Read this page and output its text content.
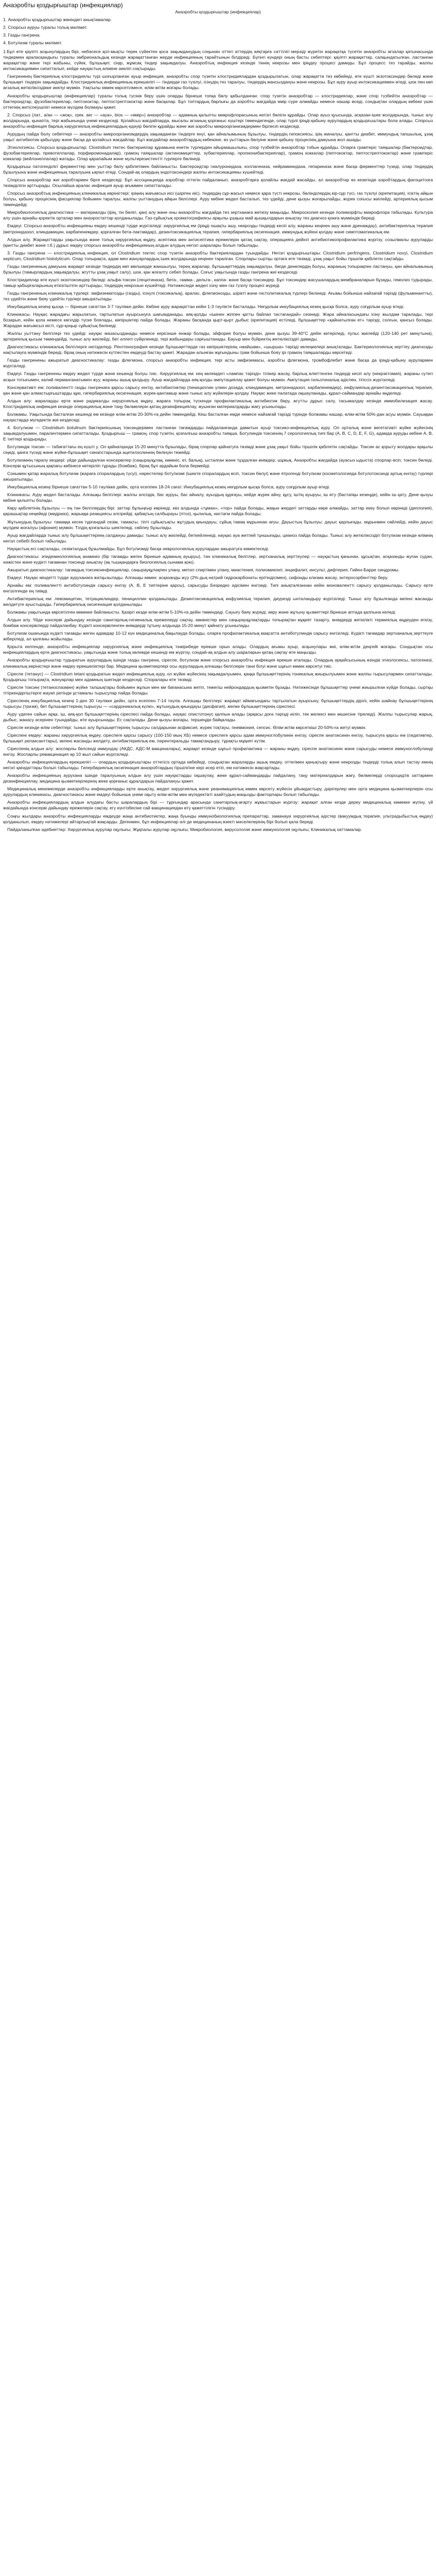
Анаэробты қоздырғыштар (инфекциялар)
Анаэробты қоздырғыштар (инфекциялар)
1. Анаэробты қоздырғыштар жөніндегі анықтамалар.
2. Спорсыз ауруы туралы толық мәлімет.
3. Газды гангрена.
4. Ботулизм туралы мәлімет.

1.Бұл өте қауіпті асқынулардың бірі, небәсесе қол-мықты терек сүйектен қоса зақымданудың соңынан оттегі аттердің аяқтарға сәттілігі мерзіді жүретін жарақатқа түсетін анаэробты ағзалар қатынасында тіндермен араласқандығы туралы эмбриональдық кезінде жарақаттанған жерде инфекцияның тарайтынын білдіреді. Бүгінгі күндері оның басты себептері: қауіпті жарақаттар, салқындатылған, ластанған жарақаттар және тері жабыны, сүйек, бұлшықет, сіңір, жұмсақ тіндер зақымдалуы. Анаэробтық инфекция кезінде тіннің некрозы мен іріңдеу процесі дамиды. Бұл процесс тез тарайды, жалпы интоксикациямен сипатталып, кейде науқастың өліміне әкеліп соқтырады.

Гангрененің бактериялық клостридиялы түрі шоғырланған ауыр инфекция, анаэробты спор түзетін клостридиялардан қоздырылатын, олар жарақатта тез көбейеді, өте күшті экзотоксиндер бөледі және бұлшықет тіндерін зақымдайды. Клостридиялық инфекцияның ерекшелігі — тіндерде газ түзілуі, ісінудің тез таралуы, тіндердің жансыздануы және некрозы. Бұл ауру ауыр интоксикациямен өтеді, шок пен көп ағзалық жеткіліксіздікке әкелуі мүмкін. Уақтылы көмек көрсетілмесе, өлім-жітім жоғары болады.

Анаэробты қоздырғыштар (инфекциялар) туралы толық түсінік беру үшін оларды бірнеше топқа бөлу қабылданған: спор түзетін анаэробтар — клостридиялар, және спор түзбейтін анаэробтар — бактероидтар, фузобактериялар, пептококтар, пептострептококтар және басқалар. Бұл топтардың барлығы да аэробты жағдайда өмір сүре алмайды немесе нашар өседі, сондықтан олардың көбеюі үшін оттегінің жетіспеушілігі немесе мүлдем болмауы қажет.

2. Спорсыз (лат., а/ан — «жоқ», грек. aer — «ауа», bios — «өмір») анаэробтар — адамның қалыпты микрофлорасының негізгі бөлігін құрайды. Олар ауыз қуысында, асқазан-ішек жолдарында, тыныс алу жолдарында, қынапта, тері жабынында үнемі кездеседі. Қолайсыз жағдайларда, мысалы ағзаның қорғаныс күштері төмендегенде, олар түрлі іріңді-қабыну аурулардың қоздырғыштары бола алады. Спорсыз анаэробты инфекция барлық хирургиялық инфекциялардың едәуір бөлігін құрайды және жиі аэробты микроорганизмдермен бірлесіп кездеседі.

Аурудың пайда болу себептері — анаэробты микроорганизмдердің зақымданған тіндерге енуі, қан айналымының бұзылуы, тіндердің гипоксиясы, ірің жиналуы, қантты диабет, иммундық тапшылық, ұзақ уақыт антибиотик қабылдау және басқа да қолайсыз жағдайлар. Бұл жағдайлар анаэробтардың көбеюіне, өз уыттарын бөлуіне және қабыну процесінің дамуына жол ашады.

Этиологиясы. Спорсыз қоздырғыштар: Clostridium тектес бактериялар құрамына енетін түрлерден айырмашылығы, спор түзбейтін анаэробтар тобын құрайды. Оларға грамтеріс таяқшалар (бактероидтар, фузобактериялар, превотеллалар, порфиромонадалар), грамоң таяқшалар (актиномицеттер, эубактериялар, пропионибактериялар), грамоң коккалар (пептококтар, пептострептококтар) және грамтеріс коккалар (вейлонеллалар) жатады. Олар қарапайым және мультирезистентті түрлерге бөлінеді.

Қоздырғыш патогенділігі ферменттер мен уыттар бөлу қабілетімен байланысты. Бактероидтар гиалуронидаза, коллагеназа, нейраминидаза, гепариназа және басқа ферменттер түзеді, олар тіндердің бұзылуына және инфекцияның таралуына ықпал етеді. Сондай-ақ олардың эндотоксиндері жалпы интоксикацияны күшейтеді.

Спорсыз анаэробтар жиі аэробтармен бірге кездеседі. Бұл ассоциацияда аэробтар оттегін пайдаланып, анаэробтарға қолайлы жағдай жасайды, ал анаэробтар өз кезегінде аэробтардың фагоцитозға төзімділігін арттырады. Осылайша аралас инфекция ауыр ағыммен сипатталады.

Спорсыз анаэробтық инфекцияның клиникалық көріністері: іріңнің жағымсыз иісі (шіріген иіс), тіндердің сұр-жасыл немесе қара түсті некрозы, бөлінділердің кір-сұр түсі, газ түзілуі (крепитация), ісіктің айқын болуы, қабыну процесінің фасциялар бойымен таралуы, жалпы уыттанудың айқын белгілері. Ауру көбіне жедел басталып, тез үдейді, дене қызуы жоғарылайды, жүрек соғысы жиілейді, артериялық қысым төмендейді.

Микробиологиялық диагностика — материалды (ірің, тін бөлігі, қан) алу және оны анаэробты жағдайда тез зертханаға жеткізу маңызды. Микроскопия кезінде полиморфты микрофлора табылады. Культура алу үшін арнайы қоректік орталар мен анаэростаттар қолданылады. Газ-сұйықтық хроматографиясы арқылы ұшқыш май қышқылдарын анықтау тез диагноз қоюға мүмкіндік береді.

Емдеуі. Спорсыз анаэробты инфекцияны емдеу кешенді түрде жүргізіледі: хирургиялық ем (іріңді ошақты ашу, некрозды тіндерді кесіп алу, жараны кеңінен ашу және дренаждау), антибактериялық терапия (метронидазол, клиндамицин, карбапенемдер, қорғалған бета-лактамдар), дезинтоксикациялық терапия, гипербариялық оксигенация, иммундық жүйені қолдау және симптоматикалық ем.

Алдын алу. Жарақаттарды уақытында және толық хирургиялық өңдеу, асептика мен антисептика ережелерін қатаң сақтау, операцияға дейінгі антибиотикопрофилактика жүргізу, созылмалы ауруларды (қантты диабет және т.б.) дұрыс емдеу спорсыз анаэробты инфекцияның алдын алудың негізгі шаралары болып табылады.

3. Газды гангрена — клостридиялық инфекция, ол Clostridium тектес спор түзетін анаэробты бактериялардан туындайды. Негізгі қоздырғыштары: Clostridium perfringens, Clostridium novyi, Clostridium septicum, Clostridium histolyticum. Олар топырақта, адам мен жануарлардың ішек жолдарында кеңінен таралған. Спорлары сыртқы ортаға өте төзімді, ұзақ уақыт бойы тіршілік қабілетін сақтайды.

Газды гангрененың дамуына жарақат кезінде тіндердің көп мөлшерде жаншылуы, терең жаралар, бұлшықеттердің зақымдалуы, бөгде денелердің болуы, жараның топырақпен ластануы, қан айналымының бұзылуы (тамырлардың зақымдалуы, жгутты ұзақ уақыт салу), шок, қан жоғалту себеп болады. Соғыс уақытында газды гангрена жиі кездеседі.

Клостридиялар өте күшті экзотоксиндер бөледі: альфа-токсин (лецитиназа), бета-, гамма-, дельта-, каппа- және басқа токсиндер. Бұл токсиндер жасушалардың мембраналарын бұзады, гемолиз тудырады, тамыр қабырғаларының өткізгіштігін арттырады, тіндердің некрозын күшейтеді. Нәтижесінде жедел ісіну мен газ түзілу процесі жүреді.

Газды гангрененың клиникалық түрлері: эмфизематозды (газды), ісінулі (токсикалық), аралас, флегмонозды, шірікті және гистолитикалық түрлері бөлінеді. Ағымы бойынша найзағай тәрізді (фульминантты), тез үдейтін және баяу үдейтін түрлері ажыратылады.

Инкубациялық кезеңі қысқа — бірнеше сағаттан 3-7 тәулікке дейін. Көбіне ауру жарақаттан кейін 1-3 тәулікте басталады. Неғұрлым инкубациялық кезең қысқа болса, ауру соғұрлым ауыр өтеді.

Клиникасы. Науқас жарадағы жарылатын, тартылатын ауырсынуға шағымданады, аяқ-қолды «ішінен жіппен қатты байлап тастағандай» сезінеді. Жара айналасындағы ісіну жылдам таралады, тері бозарып, кейін қола немесе көгілдір түске боялады, көпіршіктер пайда болады. Жараны басқанда қырт-қырт дыбыс (крепитация) естіледі, бұлшықеттер «қайнатылған ет» тәрізді, солғын, қансыз болады. Жарадан жағымсыз иісті, сұр-қоңыр сұйықтық бөлінеді.

Жалпы уыттану белгілері тез үдейді: науқас мазасызданады немесе керісінше енжар болады, эйфория болуы мүмкін, дене қызуы 39-40°C дейін көтеріледі, пульс жиілейді (120-140 рет минутына), артериялық қысым төмендейді, тыныс алу жиілейді, бет әлпеті сүйірленеді, тері жабындары сарғыштанады. Бауыр мен бүйректің жеткіліксіздігі дамиды.

Диагностикасы клиникалық белгілерге негізделеді. Рентгенография кезінде бұлшықеттерде газ көпіршіктерінің «майшам», «шырша» тәрізді көлеңкелері анықталады. Бактериологиялық зерттеу диагнозды нақтылауға мүмкіндік береді, бірақ оның нәтижесін күтпестен емдеуді бастау қажет. Жарадан алынған жұғындыны грам бойынша бояу ірі грамоң таяқшаларды көрсетеді.

Газды гангренены ажыратып диагностикалау: газды флегмона, спорсыз анаэробты инфекция, тері асты эмфиземасы, аэробты флегмона, тромбофлебит және басқа да іріңді-қабыну аурулармен жүргізіледі.

Емдеуі. Газды гангренены емдеу жедел түрде және кешенді болуы тиіс. Хирургиялық ем: кең көлемдегі «лампас тәрізді» тілікер жасау, барлық өліеттенген тіндерді кесіп алу (некрэктомия), жараны сутегі асқын тотығымен, калий перманганатымен жуу, жараны ашық қалдыру. Ауыр жағдайларда аяқ-қолды ампутациялау қажет болуы мүмкін. Ампутация гильотиналық әдіспен, тігіссіз жүргізіледі.

Консервативті ем: поливалентті газды гангренаға қарсы сарысу енгізу, антибиотиктер (пенициллин үлкен дозада, клиндамицин, метронидазол, карбапенемдер), инфузиялық-дезинтоксикациялық терапия, қан және қан алмастырғыштарды құю, гипербариялық оксигенация, жүрек-қантамыр және тыныс алу жүйелерін қолдау. Науқас жеке палатада оқшауланады, құрал-саймандар арнайы өңделеді.

Алдын алу: жараларды ерте және радикалды хирургиялық өңдеу, жараға топырақ түскенде профилактикалық антибиотик беру, жгутты дұрыс салу, тасымалдау кезінде иммобилизация жасау. Клостридиялық инфекция кезінде операциялық және таңу бөлмелерін қатаң дезинфекциялау, жуынған материалдарды жағу ұсынылады.

Болжамы. Уақытында басталған кешенді ем кезінде өлім-жітім 20-30%-ға дейін төмендейді. Кеш басталған емде немесе найзағай тәрізді түрінде болжамы нашар, өлім-жітім 50%-дан асуы мүмкін. Сауыққан науқастарда мүгедектік жиі кездеседі.

4. Ботулизм — Clostridium botulinum бактериясының токсиндерімен ластанған тағамдарды пайдаланғанда дамитын ауыр токсико-инфекциялық ауру. Ол орталық және вегетативті жүйке жүйесінің зақымдалуымен, параличтермен сипатталады. Қоздырғыш — грамоң, спор түзетін, қозғалғыш анаэробты таяқша. Ботулиндік токсиннің 7 серологиялық типі бар (A, B, C, D, E, F, G), адамда ауруды көбіне A, B, E типтері қоздырады.

Ботулиндік токсин — табиғаттағы ең күшті у. Ол қайнатқанда 15-20 минутта бұзылады, бірақ спорлар қайнатуға төзімді және ұзақ уақыт бойы тіршілік қабілетін сақтайды. Токсин ас қорыту жолдары арқылы сіңеді, қанға түседі және жүйке-бұлшықет синапстарында ацетилхолиннің бөлінуін тежейді.

Ботулизмнің таралу көздері: үйде дайындалған консервілер (саңырауқұлақ, көкөніс, ет, балық), ысталған және тұздалған өнімдер, шұжық. Анаэробты жағдайда (ауасыз ыдыста) спорлар өсіп, токсин бөледі. Консерві құтысының қақпағы көбінесе көтеріліп тұрады (бомбаж), бірақ бұл әрдайым бола бермейді.

Сонымен қатар жаралық ботулизм (жараға споралардың түсуі), нәрестелер ботулизмі (ішекте споралардың өсіп, токсин бөлуі) және ятрогенді ботулизм (косметологияда ботулотоксинді артық енгізу) түрлері ажыратылады.

Инкубациялық кезеңі бірнеше сағаттан 5-10 тәулікке дейін, орта есеппен 18-24 сағат. Инкубациялық кезең неғұрлым қысқа болса, ауру соғұрлым ауыр өтеді.

Клиникасы. Ауру жедел басталады. Алғашқы белгілері: жалпы әлсіздік, бас ауруы, бас айналу, ауыздың құрғауы, кейде жүрек айну, құсу, іштің ауыруы, іш өту (бастапқы кезеңде), кейін іш қату. Дене қызуы көбіне қалыпты болады.

Көру қабілетінің бұзылуы — ең тән белгілердің бірі: заттар бұлыңғыр көрінеді, көз алдында «тұман», «тор» пайда болады, жақын жердегі заттарды көре алмайды, заттар екеу болып көрінеді (диплопия), қарашықтар кеңейеді (мидриаз), жарыққа реакциясы әлсірейді, қабақтың салбырауы (птоз), қылилық, нистагм пайда болады.

Жұтынудың бұзылуы: тамаққа кесек тұрғандай сезім, тамақты, тіпті сұйықтықты жұтудың қиындауы, сұйық тамақ мұрыннан ағуы. Дауыстың бұзылуы: дауыс қарлығады, мұрынмен сөйлейді, кейін дауыс мүлдем жоғалуы (афония) мүмкін. Тілдің қозғалысы шектеледі, сөйлеу бұзылады.

Ауыр жағдайларда тыныс алу бұлшықеттерінің салдануы дамиды: тыныс алу жиілейді, беткейленеді, науқас ауа жетпей тұншығады, цианоз пайда болады. Тыныс алу жеткіліксіздігі ботулизм кезінде өлімнің негізгі себебі болып табылады.

Науқастың есі сақталады, сезімталдық бұзылмайды. Бұл ботулизмді басқа неврологиялық аурулардан ажыратуға көмектеседі.

Диагностикасы: эпидемиологиялық анамнез (бір тағамды жеген бірнеше адамның ауыруы), тән клиникалық белгілер, зертханалық зерттеулер — науқастың қанынан, құсықтан, асқазанды жуған судан, нәжістен және күдікті тағамнан токсинді анықтау (ақ тышқандарға биологиялық сынама қою).

Ажыратып диагностикалау: тағамдық токсикоинфекциялар, саңырауқұлақпен улану, метил спиртімен улану, миастения, полиомиелит, энцефалит, инсульт, дифтерия, Гийен-Барре синдромы.

Емдеуі. Науқас міндетті түрде ауруханаға жатқызылады. Алғашқы көмек: асқазанды жуу (2%-дық натрий гидрокарбонаты ерітіндісімен), сифонды клизма жасау, энтеросорбенттер беру.

Арнайы ем: поливалентті антиботулиндік сарысу енгізу (A, B, E типтеріне қарсы), сарысуды Безредко әдісімен енгізеді. Типі анықталғаннан кейін моновалентті сарысу қолданылады. Сарысу ерте енгізілгенде ең тиімді.

Антибактериялық ем: левомицетин, тетрациклиндер, пенициллин қолданылады. Дезинтоксикациялық инфузиялық терапия, диурезді ынталандыру жүргізіледі. Тыныс алу бұзылғанда өкпені жасанды желдетуге ауыстырады. Гипербариялық оксигенация қолданылады.

Болжамы уақытында көрсетілген көмекке байланысты. Қазіргі кезде өлім-жітім 5-10%-ға дейін төмендеді. Сауығу баяу жүреді, көру және жұтыну қызметтері бірнеше аптада қалпына келеді.

Алдын алу. Үйде консерві дайындау кезінде санитарлық-гигиеналық ережелерді сақтау, көкөністер мен саңырауқұлақтарды топырақтан мұқият тазарту, өнімдерді жеткілікті термиялық өңдеуден өткізу, бомбаж консервілерді пайдаланбау. Күдікті консервіленген өнімдерді тұтыну алдында 15-20 минут қайнату ұсынылады.

Ботулизм ошағында күдікті тағамды жеген адамдар 10-12 күн медициналық бақылауда болады, оларға профилактикалық мақсатта антиботулиндік сарысу енгізіледі. Күдікті тағамдар зертханалық зерттеуге жіберіледі, ал қалғаны жойылады.

Қорыта келгенде, анаэробты инфекциялар хирургиялық және инфекциялық тәжірибеде ерекше орын алады. Олардың ағымы ауыр, асқынулары жиі, өлім-жітім деңгейі жоғары. Сондықтан осы инфекциялардың ерте диагностикасы, уақытында және толық көлемде кешенді ем жүргізу, сондай-ақ алдын алу шараларын қатаң сақтау өте маңызды.

Анаэробты қоздырғыштар тудыратын аурулардың ішінде газды гангрена, сіреспе, ботулизм және спорсыз анаэробты инфекция ерекше аталады. Олардың әрқайсысының өзіндік этиологиясы, патогенезі, клиникалық көріністері және емдеу ерекшеліктері бар. Медицина қызметкерлері осы аурулардың алғашқы белгілерін тани білуі және шұғыл көмек көрсетуі тиіс.

Сіреспе (тетанус) — Clostridium tetani қоздыратын жедел инфекциялық ауру, ол жүйке жүйесінің зақымдалуымен, қаңқа бұлшықеттерінің тоникалық жиырылуымен және жалпы тырысулармен сипатталады. Қоздырғыш топырақта, жануарлар мен адамның ішегінде кездеседі. Споралары өте төзімді.

Сіреспе токсині (тетаноспазмин) жүйке талшықтары бойымен жұлын мен ми бағанасына жетіп, тежегіш нейрондардың қызметін бұзады. Нәтижесінде бұлшықеттер үнемі жиырылған күйде болады, сыртқы тітіркендіргіштерге жауап ретінде ұстамалы тырысулар пайда болады.

Сіреспенің инкубациялық кезеңі 1-ден 30 тәулікке дейін, орта есеппен 7-14 тәулік. Алғашқы белгілері: жарақат аймағындағы тартылатын ауырсыну, бұлшықеттердің дірілі, кейін шайнау бұлшықеттерінің тырысуы (тризм), бет бұлшықеттерінің тырысуы — «сардоникалық күлкі», жұтынудың қиындауы (дисфагия), желке бұлшықеттерінің сіреспесі.

Ауру үдеген сайын арқа, іш, аяқ-қол бұлшықеттерінің сіреспесі пайда болады, науқас опистотонус қалпын алады (арқасы доға тәрізді иіліп, тек желкесі мен өкшесіне тіреледі). Жалпы тырысулар жарық, дыбыс, жанасу әсерінен туындайды, өте ауырсынады. Ес сақталады. Дене қызуы жоғары, тершеңдік байқалады.

Сіреспе кезінде өлім себептері: тыныс алу бұлшықеттерінің тырысуы салдарынан асфиксия, жүрек тоқтауы, пневмония, сепсис. Өлім-жітім көрсеткіші 20-50%-ға жетуі мүмкін.

Сіреспені емдеу: жараны хирургиялық өңдеу, сіреспеге қарсы сарысу (100-150 мың ХБ) немесе сіреспеге қарсы адам иммуноглобулинін енгізу, сіреспе анатоксинін енгізу, тырысуға қарсы ем (седативтер, бұлшықет релаксанттары), өкпені жасанды желдету, антибактериялық ем, парентеральды тамақтандыру, тұрақты мұқият күтім.

Сіреспенің алдын алу: жоспарлы белсенді иммундау (АКДС, АДС-М вакциналары), жарақат кезінде шұғыл профилактика — жараны өңдеу, сіреспе анатоксинін және сарысуды немесе иммуноглобулинді енгізу. Жоспарлы ревакцинация әр 10 жыл сайын жүргізіледі.

Анаэробты инфекциялардың ерекшелігі — олардың қоздырғыштары оттегісіз ортада көбейеді, сондықтан жараларды ашық емдеу, оттегімен қанықтыру және некрозды тіндерді толық алып тастау емнің негізгі қағидаттары болып табылады. Гипербариялық оксигенация анаэробтардың тіршілігіне кері әсер етіп, ем нәтижесін жақсартады.

Анаэробты инфекцияның аурухана ішінде таралуының алдын алу үшін науқастарды оқшаулау, жеке құрал-саймандарды пайдалану, таңу материалдарын жағу, бөлмелерді спороцидтік заттармен дезинфекциялау, медицина қызметкерлерінің жеке қорғаныс құралдарын пайдалануы қажет.

Медициналық мекемелерде анаэробты инфекцияларды ерте анықтау, жедел хирургиялық және реанимациялық көмек көрсету жүйесін ұйымдастыру, дәрігерлер мен орта медицина қызметкерлерін осы аурулардың клиникасы, диагностикасы және емдеуі бойынша үнемі оқыту өлім-жітім мен мүгедектікті азайтудың маңызды факторлары болып табылады.

Анаэробты инфекциялардың алдын алудағы басты шаралардың бірі — тұрғындар арасында санитарлық-ағарту жұмыстарын жүргізу: жарақат алған кезде дереу медициналық көмекке жүгіну, үй жағдайында консерві дайындау ережелерін сақтау, егу күнтізбесіне сай вакцинациядан өту қажеттілігін түсіндіру.

Соңғы жылдары анаэробты инфекцияларды емдеуде жаңа антибиотиктер, жаңа буынды иммунобиологиялық препараттар, заманауи хирургиялық әдістер (вакуумдық терапия, ультрадыбыстық өңдеу) қолданылып, емдеу нәтижелері айтарлықтай жақсарды. Дегенмен, бұл инфекциялар әлі де медицинаның өзекті мәселелерінің бірі болып қала береді.

Пайдаланылған әдебиеттер: Хирургиялық аурулар оқулығы; Жұқпалы аурулар оқулығы; Микробиология, вирусология және иммунология оқулығы; Клиникалық хаттамалар.
